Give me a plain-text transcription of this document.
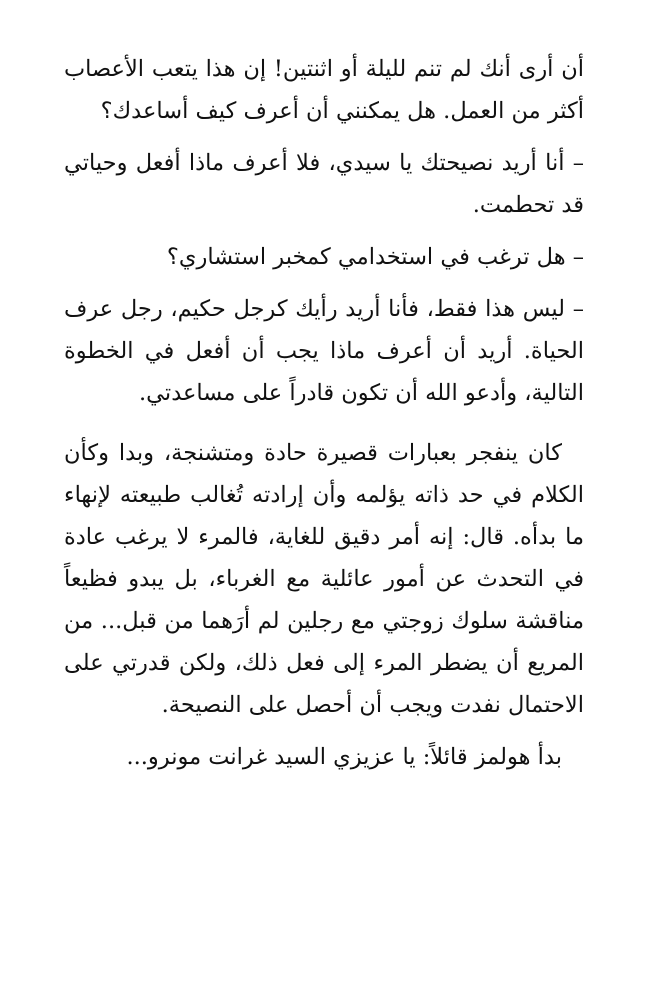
أن أرى أنك لم تنم لليلة أو اثنتين! إن هذا يتعب الأعصاب أكثر من العمل. هل يمكنني أن أعرف كيف أساعدك؟

– أنا أريد نصيحتك يا سيدي، فلا أعرف ماذا أفعل وحياتي قد تحطمت.

– هل ترغب في استخدامي كمخبر استشاري؟

– ليس هذا فقط، فأنا أريد رأيك كرجل حكيم، رجل عرف الحياة. أريد أن أعرف ماذا يجب أن أفعل في الخطوة التالية، وأدعو الله أن تكون قادراً على مساعدتي.

كان ينفجر بعبارات قصيرة حادة ومتشنجة، وبدا وكأن الكلام في حد ذاته يؤلمه وأن إرادته تُغالب طبيعته لإنهاء ما بدأه. قال: إنه أمر دقيق للغاية، فالمرء لا يرغب عادة في التحدث عن أمور عائلية مع الغرباء، بل يبدو فظيعاً مناقشة سلوك زوجتي مع رجلين لم أرَهما من قبل... من المريع أن يضطر المرء إلى فعل ذلك، ولكن قدرتي على الاحتمال نفدت ويجب أن أحصل على النصيحة.

بدأ هولمز قائلاً: يا عزيزي السيد غرانت مونرو...
